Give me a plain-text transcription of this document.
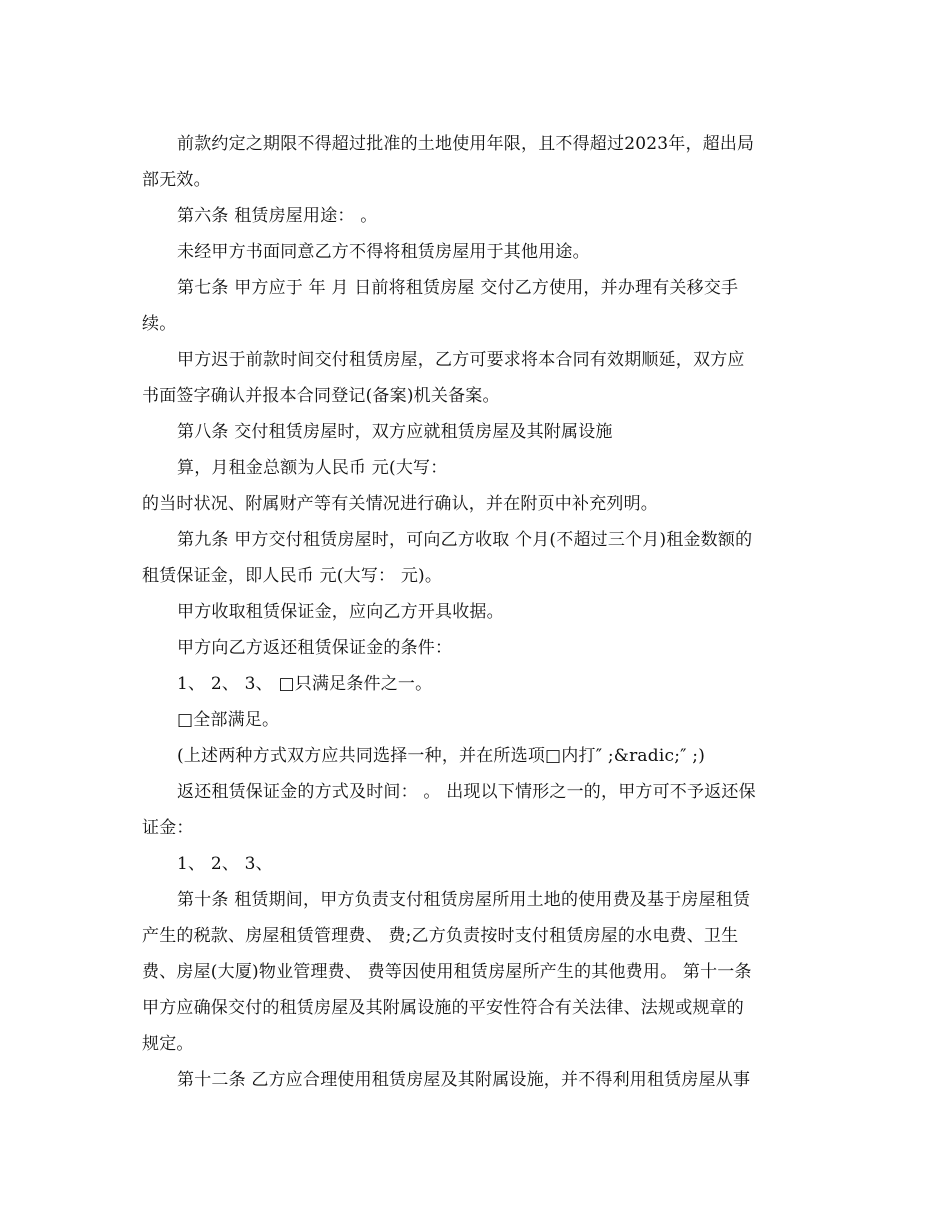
前款约定之期限不得超过批准的土地使用年限，且不得超过2023年，超出局
部无效。
第六条 租赁房屋用途： 。
未经甲方书面同意乙方不得将租赁房屋用于其他用途。
第七条 甲方应于 年 月 日前将租赁房屋 交付乙方使用，并办理有关移交手
续。
甲方迟于前款时间交付租赁房屋，乙方可要求将本合同有效期顺延，双方应
书面签字确认并报本合同登记(备案)机关备案。
第八条 交付租赁房屋时，双方应就租赁房屋及其附属设施
算，月租金总额为人民币 元(大写：
的当时状况、附属财产等有关情况进行确认，并在附页中补充列明。
第九条 甲方交付租赁房屋时，可向乙方收取 个月(不超过三个月)租金数额的
租赁保证金，即人民币 元(大写： 元)。
甲方收取租赁保证金，应向乙方开具收据。
甲方向乙方返还租赁保证金的条件：
1、 2、 3、 □只满足条件之一。
□全部满足。
(上述两种方式双方应共同选择一种，并在所选项□内打″ ;&radic;″ ;)
返还租赁保证金的方式及时间： 。 出现以下情形之一的，甲方可不予返还保
证金：
1、 2、 3、
第十条 租赁期间，甲方负责支付租赁房屋所用土地的使用费及基于房屋租赁
产生的税款、房屋租赁管理费、 费;乙方负责按时支付租赁房屋的水电费、卫生
费、房屋(大厦)物业管理费、 费等因使用租赁房屋所产生的其他费用。 第十一条
甲方应确保交付的租赁房屋及其附属设施的平安性符合有关法律、法规或规章的
规定。
第十二条 乙方应合理使用租赁房屋及其附属设施，并不得利用租赁房屋从事
